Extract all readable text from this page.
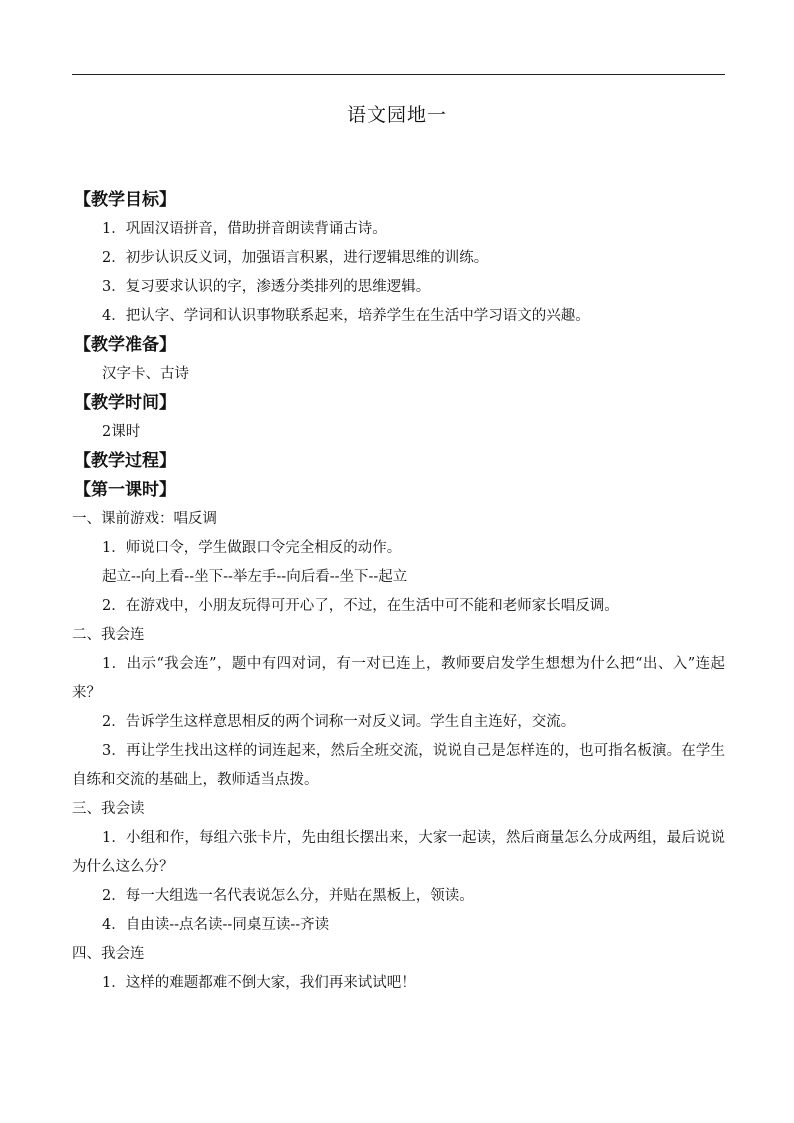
语文园地一
【教学目标】
1．巩固汉语拼音，借助拼音朗读背诵古诗。
2．初步认识反义词，加强语言积累，进行逻辑思维的训练。
3．复习要求认识的字，渗透分类排列的思维逻辑。
4．把认字、学词和认识事物联系起来，培养学生在生活中学习语文的兴趣。
【教学准备】
汉字卡、古诗
【教学时间】
2课时
【教学过程】
【第一课时】
一、课前游戏：唱反调
1．师说口令，学生做跟口令完全相反的动作。
起立--向上看--坐下--举左手--向后看--坐下--起立
2．在游戏中，小朋友玩得可开心了，不过，在生活中可不能和老师家长唱反调。
二、我会连
1．出示“我会连”，题中有四对词，有一对已连上，教师要启发学生想想为什么把“出、入”连起来？
2．告诉学生这样意思相反的两个词称一对反义词。学生自主连好，交流。
3．再让学生找出这样的词连起来，然后全班交流，说说自己是怎样连的，也可指名板演。在学生自练和交流的基础上，教师适当点拨。
三、我会读
1．小组和作，每组六张卡片，先由组长摆出来，大家一起读，然后商量怎么分成两组，最后说说为什么这么分？
2．每一大组选一名代表说怎么分，并贴在黑板上，领读。
4．自由读--点名读--同桌互读--齐读
四、我会连
1．这样的难题都难不倒大家，我们再来试试吧！
